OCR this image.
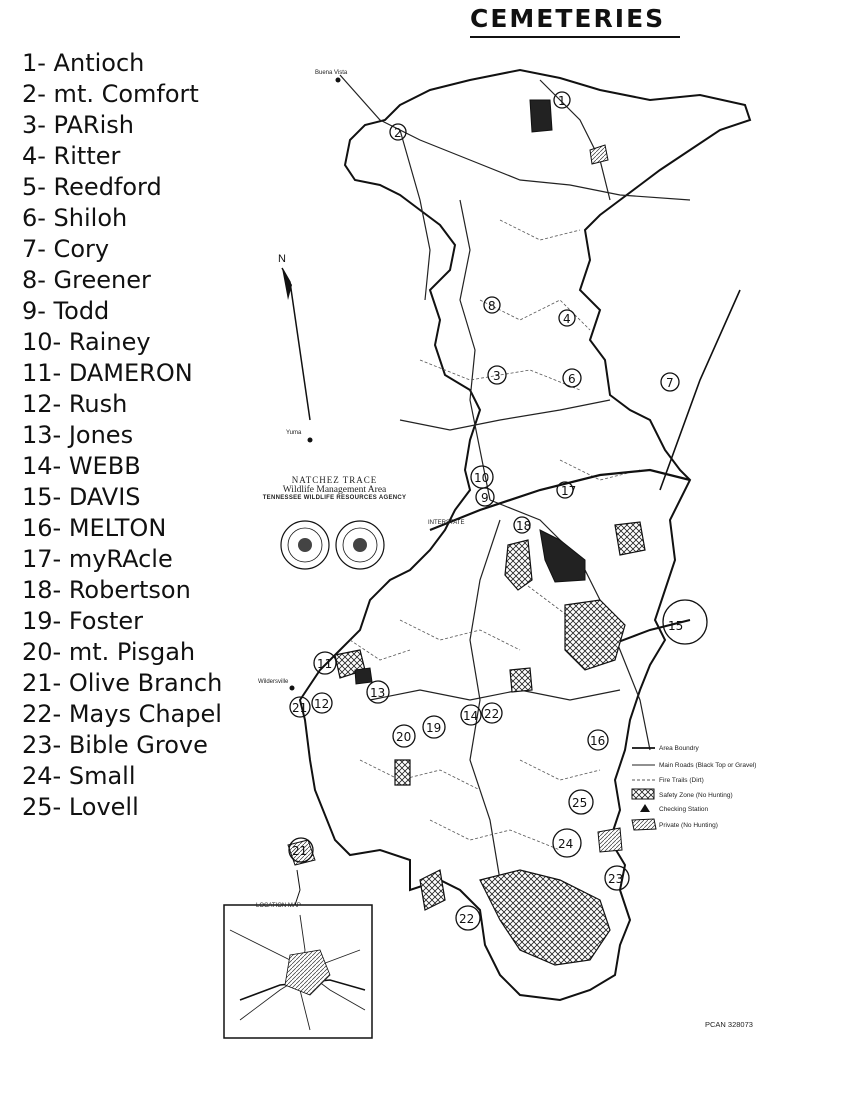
CEMETERIES
1- Antioch
2- mt. Comfort
3- PARish
4- Ritter
5- Reedford
6- Shiloh
7- Cory
8- Greener
9- Todd
10- Rainey
11- DAMERON
12- Rush
13- Jones
14- WEBB
15- DAVIS
16- MELTON
17- myRAcle
18- Robertson
19- Foster
20- mt. Pisgah
21- Olive Branch
22- Mays Chapel
23- Bible Grove
24- Small
25- Lovell
Buena Vista
Yuma
Wildersville
INTERSTATE
N
Area Boundry
Main Roads (Black Top or Gravel)
Fire Trails (Dirt)
Safety Zone (No Hunting)
Checking Station
Private (No Hunting)
LOCATION MAP
1
2
8
3
4
6	7
10
9	17
18
15
11
13
12
21
20
19
14 22
16
25
24
23
21
22
NATCHEZ TRACE
Wildlife Management Area
TENNESSEE WILDLIFE RESOURCES AGENCY
PCAN 328073
